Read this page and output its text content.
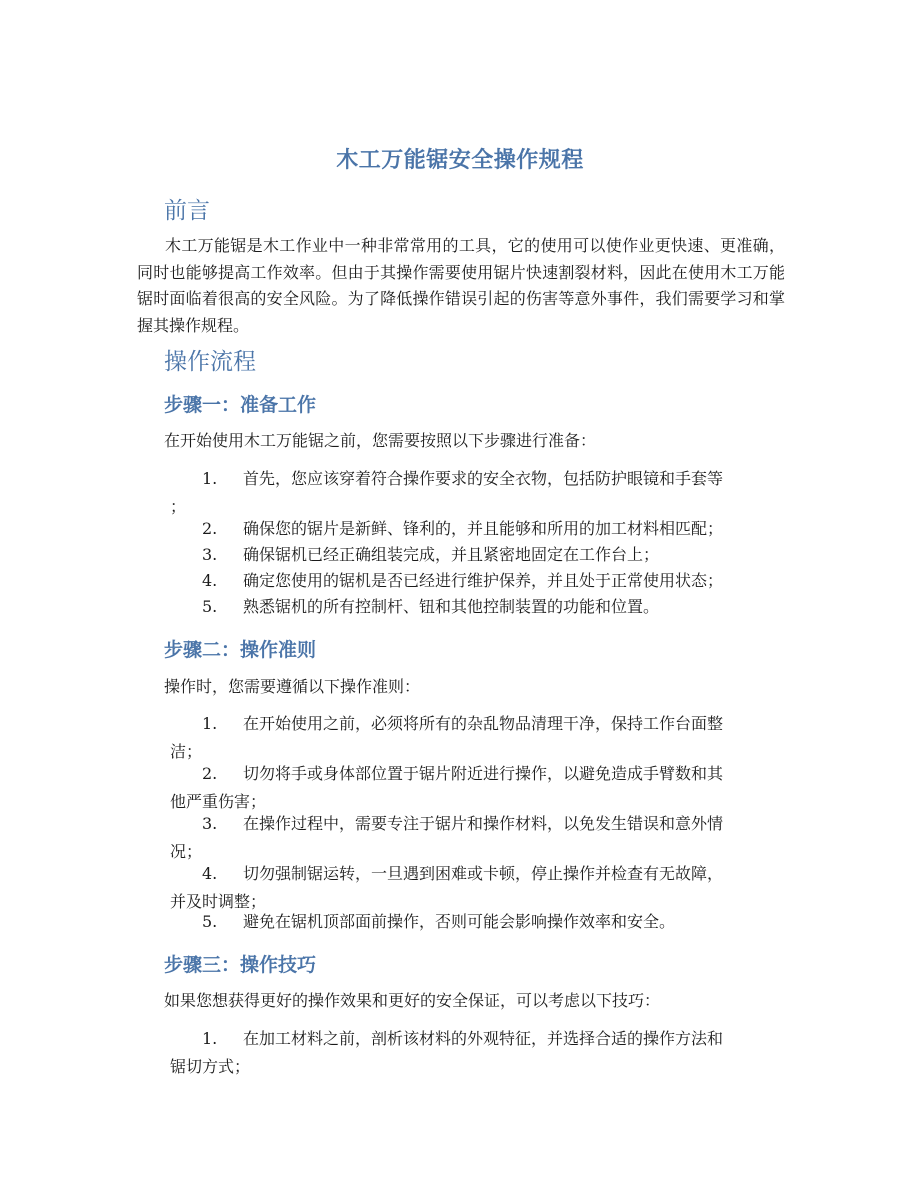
木工万能锯安全操作规程
前言
木工万能锯是木工作业中一种非常常用的工具，它的使用可以使作业更快速、更准确，同时也能够提高工作效率。但由于其操作需要使用锯片快速割裂材料，因此在使用木工万能锯时面临着很高的安全风险。为了降低操作错误引起的伤害等意外事件，我们需要学习和掌握其操作规程。
操作流程
步骤一：准备工作
在开始使用木工万能锯之前，您需要按照以下步骤进行准备：
1.	首先，您应该穿着符合操作要求的安全衣物，包括防护眼镜和手套等
；
2.	确保您的锯片是新鲜、锋利的，并且能够和所用的加工材料相匹配；
3.	确保锯机已经正确组装完成，并且紧密地固定在工作台上；
4.	确定您使用的锯机是否已经进行维护保养，并且处于正常使用状态；
5.	熟悉锯机的所有控制杆、钮和其他控制装置的功能和位置。
步骤二：操作准则
操作时，您需要遵循以下操作准则：
1.	在开始使用之前，必须将所有的杂乱物品清理干净，保持工作台面整
洁；
2.	切勿将手或身体部位置于锯片附近进行操作，以避免造成手臂数和其
他严重伤害；
3.	在操作过程中，需要专注于锯片和操作材料，以免发生错误和意外情
况；
4.	切勿强制锯运转，一旦遇到困难或卡顿，停止操作并检查有无故障，
并及时调整；
5.	避免在锯机顶部面前操作，否则可能会影响操作效率和安全。
步骤三：操作技巧
如果您想获得更好的操作效果和更好的安全保证，可以考虑以下技巧：
1.	在加工材料之前，剖析该材料的外观特征，并选择合适的操作方法和
锯切方式；
